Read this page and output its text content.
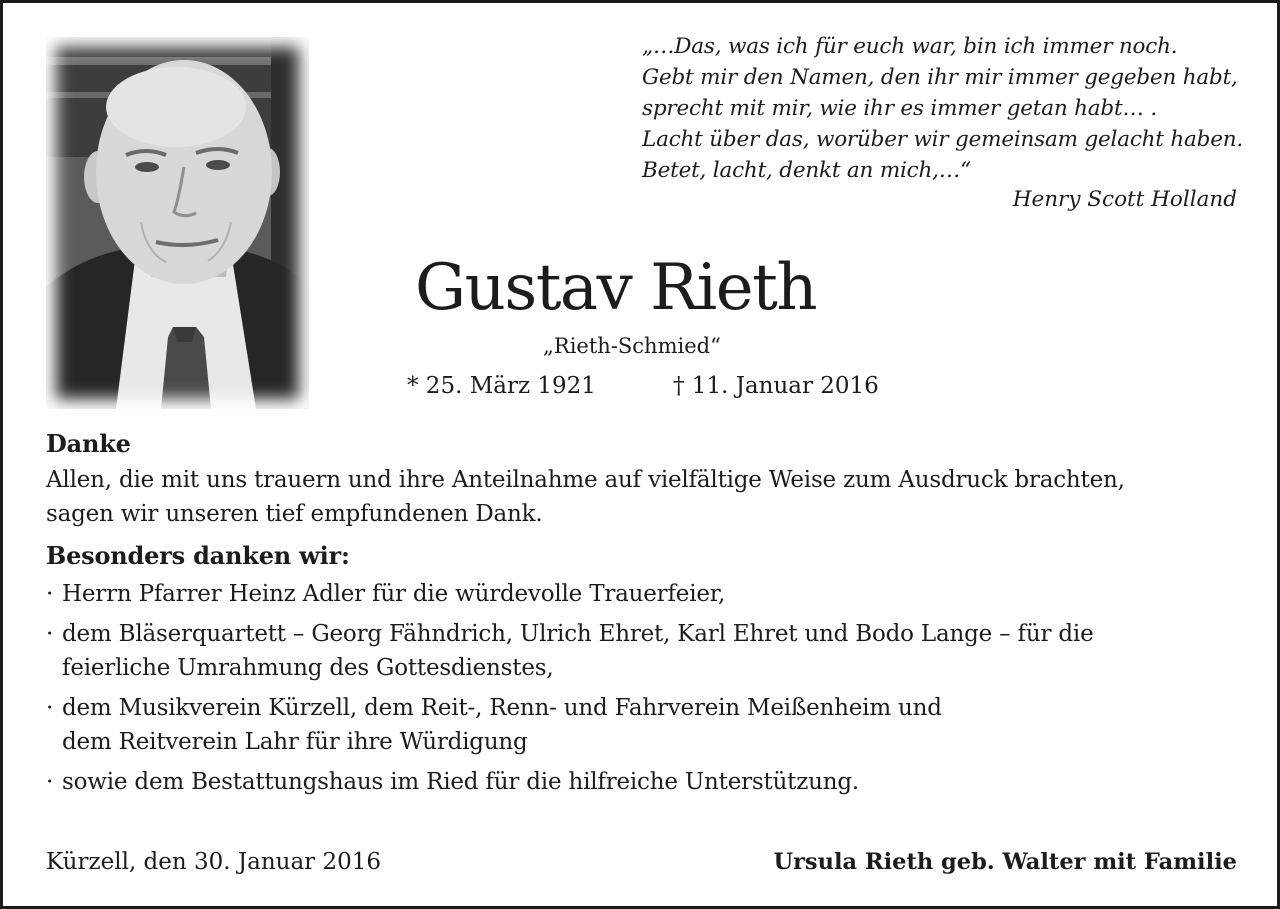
„…Das, was ich für euch war, bin ich immer noch.
Gebt mir den Namen, den ihr mir immer gegeben habt,
sprecht mit mir, wie ihr es immer getan habt… .
Lacht über das, worüber wir gemeinsam gelacht haben.
Betet, lacht, denkt an mich,…“
Henry Scott Holland
Gustav Rieth
„Rieth-Schmied“
* 25. März 1921	† 11. Januar 2016

Danke

Allen, die mit uns trauern und ihre Anteilnahme auf vielfältige Weise zum Ausdruck brachten,
sagen wir unseren tief empfundenen Dank.

Besonders danken wir:

· Herrn Pfarrer Heinz Adler für die würdevolle Trauerfeier,
· dem Bläserquartett – Georg Fähndrich, Ulrich Ehret, Karl Ehret und Bodo Lange – für die
feierliche Umrahmung des Gottesdienstes,
· dem Musikverein Kürzell, dem Reit-, Renn- und Fahrverein Meißenheim und
dem Reitverein Lahr für ihre Würdigung
· sowie dem Bestattungshaus im Ried für die hilfreiche Unterstützung.
Kürzell, den 30. Januar 2016	Ursula Rieth geb. Walter mit Familie
